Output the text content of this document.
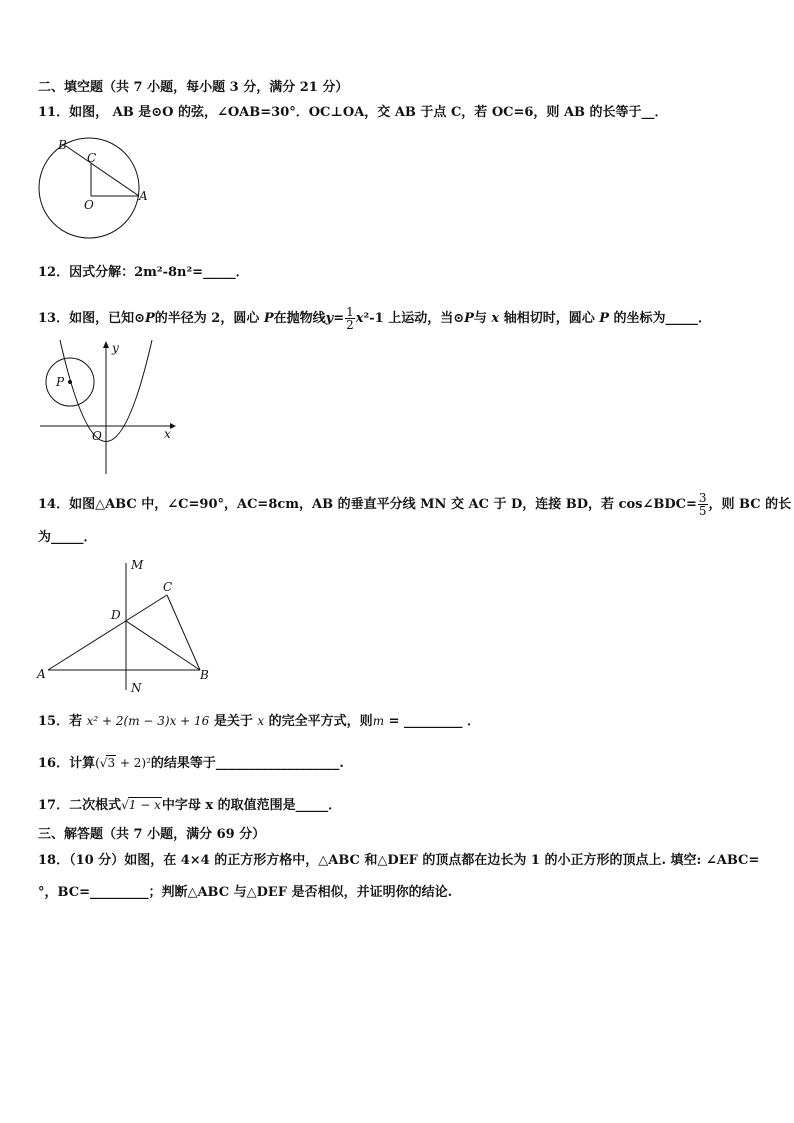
二、填空题（共 7 小题，每小题 3 分，满分 21 分）
11．如图， AB 是⊙O 的弦，∠OAB=30°．OC⊥OA，交 AB 于点 C，若 OC=6，则 AB 的长等于__．
B
C
O
A
12．因式分解：2m²-8n²=_____．
13．如图，已知⊙P的半径为 2，圆心 P在抛物线$y= \frac{1}{2} x^2-1$ 上运动，当⊙P与 x 轴相切时，圆心 P 的坐标为_____．
y
P
O	x
14．如图△ABC 中，∠C=90°，AC=8cm，AB 的垂直平分线 MN 交 AC 于 D，连接 BD，若 cos∠BDC= $\frac{3}{5}$ ，则 BC 的长
为_____．
M
C
D
A	B
N
15．若 x² + 2(m − 3)x + 16 是关于 x 的完全平方式，则m = _________ ．
16．计算(√3 + 2)²的结果等于___________________.
17．二次根式√1 − x中字母 x 的取值范围是_____．
三、解答题（共 7 小题，满分 69 分）
18．（10 分）如图，在 4×4 的正方形方格中，△ABC 和△DEF 的顶点都在边长为 1 的小正方形的顶点上. 填空: ∠ABC=
°，BC=_________；判断△ABC 与△DEF 是否相似，并证明你的结论.
